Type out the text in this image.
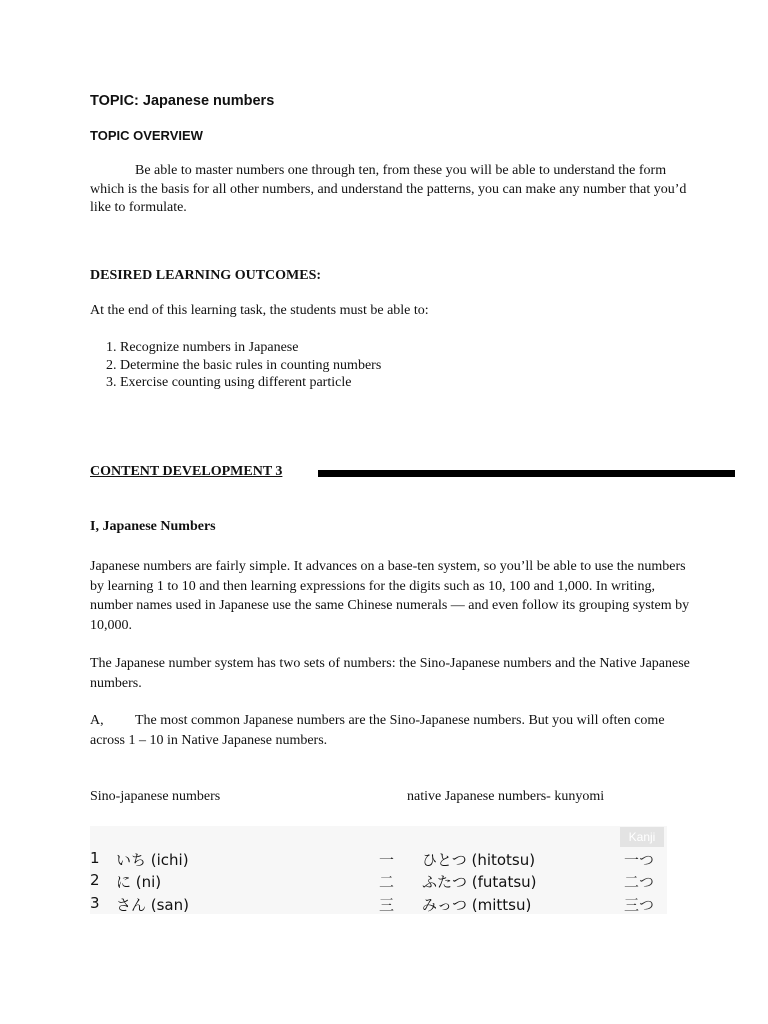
TOPIC: Japanese numbers
TOPIC OVERVIEW
Be able to master numbers one through ten, from these you will be able to understand the form which is the basis for all other numbers, and understand the patterns, you can make any number that you’d like to formulate.
DESIRED LEARNING OUTCOMES:
At the end of this learning task, the students must be able to:
1. Recognize numbers in Japanese
2. Determine the basic rules in counting numbers
3. Exercise counting using different particle
CONTENT DEVELOPMENT 3
I, Japanese Numbers
Japanese numbers are fairly simple. It advances on a base-ten system, so you’ll be able to use the numbers by learning 1 to 10 and then learning expressions for the digits such as 10, 100 and 1,000. In writing, number names used in Japanese use the same Chinese numerals — and even follow its grouping system by 10,000.
The Japanese number system has two sets of numbers: the Sino-Japanese numbers and the Native Japanese numbers.
A, The most common Japanese numbers are the Sino-Japanese numbers. But you will often come across 1 – 10 in Native Japanese numbers.
Sino-japanese numbers	native Japanese numbers- kunyomi
Kanji
1 いち (ichi)	一 ひとつ (hitotsu)	一つ
2 に (ni)	二 ふたつ (futatsu)	二つ
3 さん (san)	三 みっつ (mittsu)	三つ
